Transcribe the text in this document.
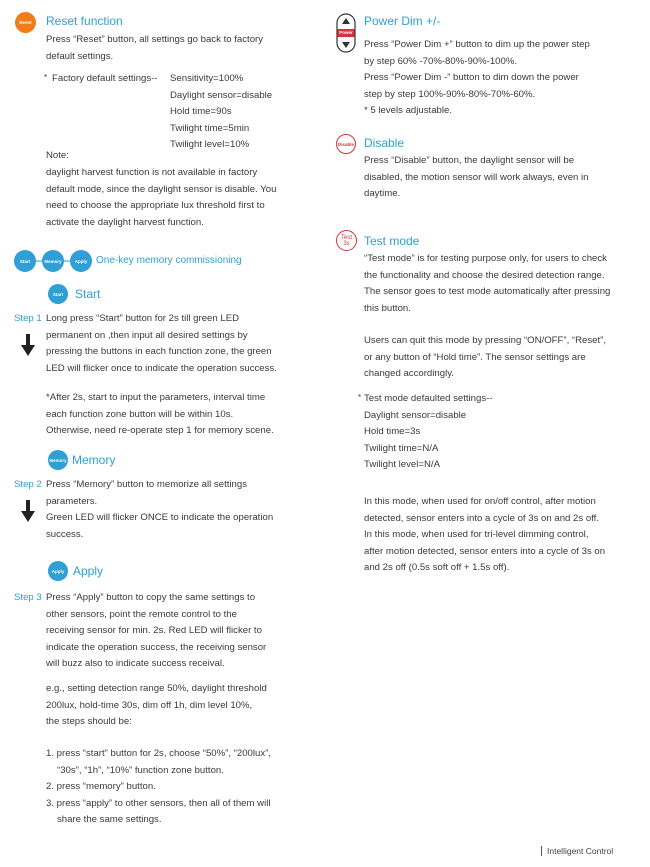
Reset Reset function
Press “Reset” button, all settings go back to factory
default settings.
* Factory default settings-- Sensitivity=100%
Daylight sensor=disable
Hold time=90s
Twilight time=5min
Twilight level=10%
Note:
daylight harvest function is not available in factory
default mode, since the daylight sensor is disable. You
need to choose the appropriate lux threshold first to
activate the daylight harvest function.
Start	Memory	Apply One-key memory commissioning
Start Start
Step 1 Long press “Start” button for 2s till green LED
permanent on ,then input all desired settings by
pressing the buttons in each function zone, the green
LED will flicker once to indicate the operation success.
*After 2s, start to input the parameters, interval time
each function zone button will be within 10s.
Otherwise, need re-operate step 1 for memory scene.
Memory Memory
Step 2 Press “Memory” button to memorize all settings
parameters.
Green LED will flicker ONCE to indicate the operation
success.
Apply Apply
Step 3 Press “Apply” button to copy the same settings to
other sensors, point the remote control to the
receiving sensor for min. 2s. Red LED will flicker to
indicate the operation success, the receiving sensor
will buzz also to indicate success receival.
e.g., setting detection range 50%, daylight threshold
200lux, hold-time 30s, dim off 1h, dim level 10%,
the steps should be:
1. press “start” button for 2s, choose “50%”, “200lux”,
“30s”, “1h”, “10%” function zone button.
2. press “memory” button.
3. press “apply” to other sensors, then all of them will
share the same settings.
Power
Power Dim +/-
Press “Power Dim +” button to dim up the power step
by step 60% -70%-80%-90%-100%.
Press “Power Dim -” button to dim down the power
step by step 100%-90%-80%-70%-60%.
* 5 levels adjustable.
Disable Disable
Press “Disable” button, the daylight sensor will be
disabled, the motion sensor will work always, even in
daytime.
Test
3s Test mode
“Test mode” is for testing purpose only, for users to check
the functionality and choose the desired detection range.
The sensor goes to test mode automatically after pressing
this button.
Users can quit this mode by pressing “ON/OFF”, “Reset”,
or any button of “Hold time”. The sensor settings are
changed accordingly.
* Test mode defaulted settings--
Daylight sensor=disable
Hold time=3s
Twilight time=N/A
Twilight level=N/A
In this mode, when used for on/off control, after motion
detected, sensor enters into a cycle of 3s on and 2s off.
In this mode, when used for tri-level dimming control,
after motion detected, sensor enters into a cycle of 3s on
and 2s off (0.5s soft off + 1.5s off).
Intelligent Control
